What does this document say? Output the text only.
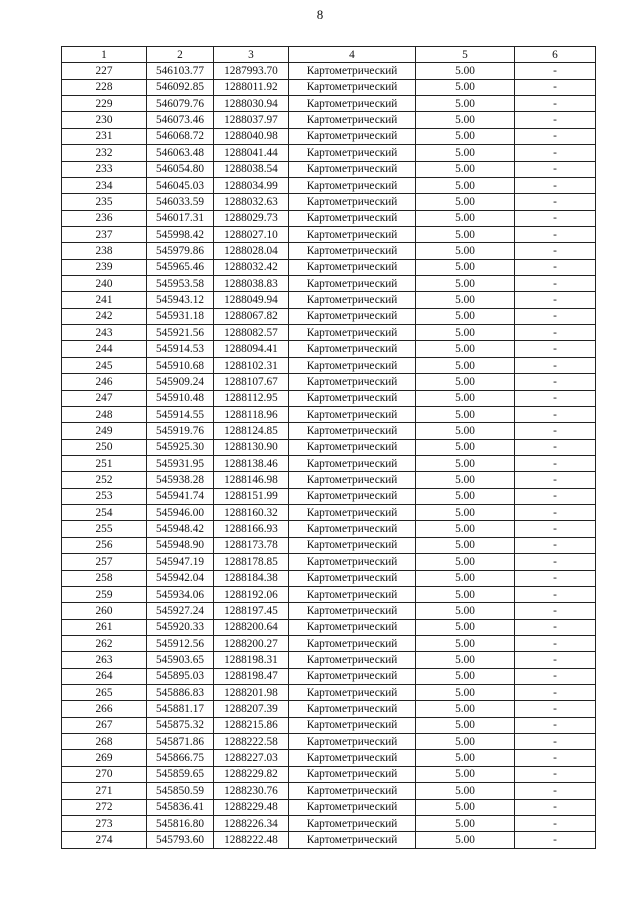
8
1	2	3	4	5	6
227	546103.77	1287993.70	Картометрический	5.00	-
228	546092.85	1288011.92	Картометрический	5.00	-
229	546079.76	1288030.94	Картометрический	5.00	-
230	546073.46	1288037.97	Картометрический	5.00	-
231	546068.72	1288040.98	Картометрический	5.00	-
232	546063.48	1288041.44	Картометрический	5.00	-
233	546054.80	1288038.54	Картометрический	5.00	-
234	546045.03	1288034.99	Картометрический	5.00	-
235	546033.59	1288032.63	Картометрический	5.00	-
236	546017.31	1288029.73	Картометрический	5.00	-
237	545998.42	1288027.10	Картометрический	5.00	-
238	545979.86	1288028.04	Картометрический	5.00	-
239	545965.46	1288032.42	Картометрический	5.00	-
240	545953.58	1288038.83	Картометрический	5.00	-
241	545943.12	1288049.94	Картометрический	5.00	-
242	545931.18	1288067.82	Картометрический	5.00	-
243	545921.56	1288082.57	Картометрический	5.00	-
244	545914.53	1288094.41	Картометрический	5.00	-
245	545910.68	1288102.31	Картометрический	5.00	-
246	545909.24	1288107.67	Картометрический	5.00	-
247	545910.48	1288112.95	Картометрический	5.00	-
248	545914.55	1288118.96	Картометрический	5.00	-
249	545919.76	1288124.85	Картометрический	5.00	-
250	545925.30	1288130.90	Картометрический	5.00	-
251	545931.95	1288138.46	Картометрический	5.00	-
252	545938.28	1288146.98	Картометрический	5.00	-
253	545941.74	1288151.99	Картометрический	5.00	-
254	545946.00	1288160.32	Картометрический	5.00	-
255	545948.42	1288166.93	Картометрический	5.00	-
256	545948.90	1288173.78	Картометрический	5.00	-
257	545947.19	1288178.85	Картометрический	5.00	-
258	545942.04	1288184.38	Картометрический	5.00	-
259	545934.06	1288192.06	Картометрический	5.00	-
260	545927.24	1288197.45	Картометрический	5.00	-
261	545920.33	1288200.64	Картометрический	5.00	-
262	545912.56	1288200.27	Картометрический	5.00	-
263	545903.65	1288198.31	Картометрический	5.00	-
264	545895.03	1288198.47	Картометрический	5.00	-
265	545886.83	1288201.98	Картометрический	5.00	-
266	545881.17	1288207.39	Картометрический	5.00	-
267	545875.32	1288215.86	Картометрический	5.00	-
268	545871.86	1288222.58	Картометрический	5.00	-
269	545866.75	1288227.03	Картометрический	5.00	-
270	545859.65	1288229.82	Картометрический	5.00	-
271	545850.59	1288230.76	Картометрический	5.00	-
272	545836.41	1288229.48	Картометрический	5.00	-
273	545816.80	1288226.34	Картометрический	5.00	-
274	545793.60	1288222.48	Картометрический	5.00	-
